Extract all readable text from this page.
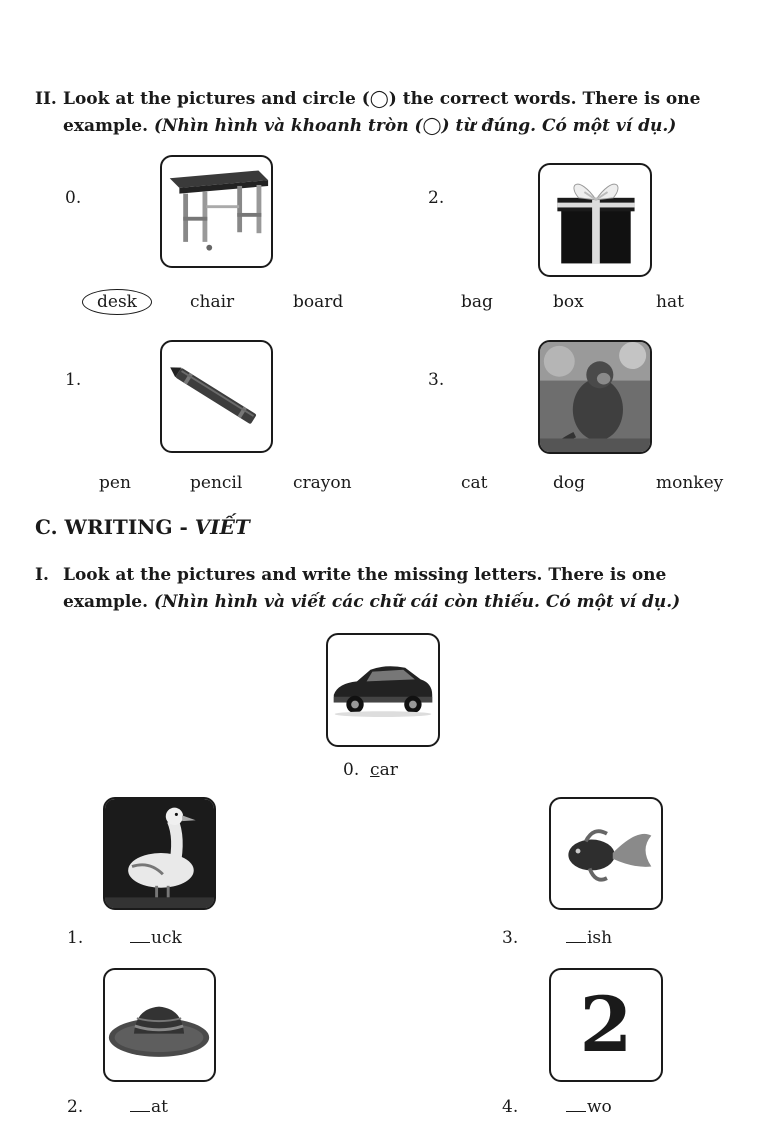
II. Look at the pictures and circle (◯) the correct words. There is one
example. (Nhìn hình và khoanh tròn (◯) từ đúng. Có một ví dụ.)
0.
desk	chair	board
2.
bag	box	hat
1.
pen	pencil	crayon
3.
cat	dog	monkey
C. WRITING - VIẾT
I. Look at the pictures and write the missing letters. There is one
example. (Nhìn hình và viết các chữ cái còn thiếu. Có một ví dụ.)
0. car
1.	uck	3.	ish
2.	at
2
4.	wo
